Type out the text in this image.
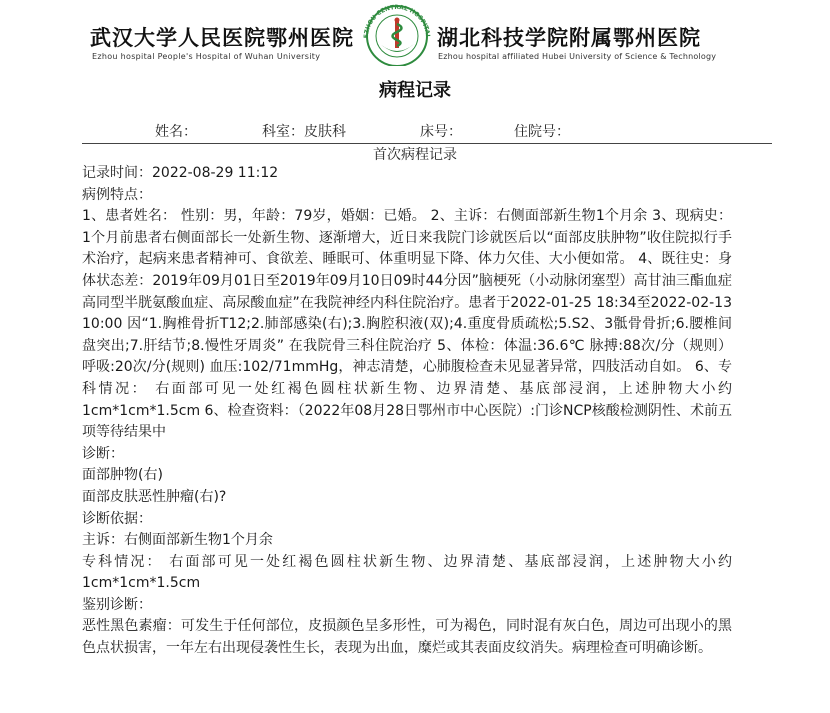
武汉大学人民医院鄂州医院
Ezhou hospital People's Hospital of Wuhan University
EZHOU CENTRAL HOSPITAL 湖北科技学院附属鄂州医院
Ezhou hospital affiliated Hubei University of Science & Technology
病程记录
姓名：	科室：皮肤科	床号：	住院号：
首次病程记录

记录时间：2022-08-29 11:12

病例特点：

1、患者姓名： 性别：男，年龄：79岁，婚姻：已婚。 2、主诉：右侧面部新生物1个月余 3、现病史： 1个月前患者右侧面部长一处新生物、逐渐增大，近日来我院门诊就医后以“面部皮肤肿物”收住院拟行手术治疗，起病来患者精神可、食欲差、睡眠可、体重明显下降、体力欠佳、大小便如常。 4、既往史：身体状态差：2019年09月01日至2019年09月10日09时44分因”脑梗死（小动脉闭塞型）高甘油三酯血症 高同型半胱氨酸血症、高尿酸血症”在我院神经内科住院治疗。患者于2022-01-25 18:34至2022-02-13 10:00 因“1.胸椎骨折T12;2.肺部感染(右);3.胸腔积液(双);4.重度骨质疏松;5.S2、3骶骨骨折;6.腰椎间盘突出;7.肝结节;8.慢性牙周炎” 在我院骨三科住院治疗 5、体检：体温:36.6℃ 脉搏:88次/分（规则） 呼吸:20次/分(规则) 血压:102/71mmHg，神志清楚，心肺腹检查未见显著异常，四肢活动自如。 6、专科情况： 右面部可见一处红褐色圆柱状新生物、边界清楚、基底部浸润，上述肿物大小约1cm*1cm*1.5cm 6、检查资料：（2022年08月28日鄂州市中心医院）:门诊NCP核酸检测阴性、术前五项等待结果中

诊断：

面部肿物(右)

面部皮肤恶性肿瘤(右)?

诊断依据：

主诉：右侧面部新生物1个月余

专科情况： 右面部可见一处红褐色圆柱状新生物、边界清楚、基底部浸润，上述肿物大小约1cm*1cm*1.5cm

鉴别诊断：

恶性黑色素瘤：可发生于任何部位，皮损颜色呈多形性，可为褐色，同时混有灰白色，周边可出现小的黑色点状损害，一年左右出现侵袭性生长，表现为出血，糜烂或其表面皮纹消失。病理检查可明确诊断。
